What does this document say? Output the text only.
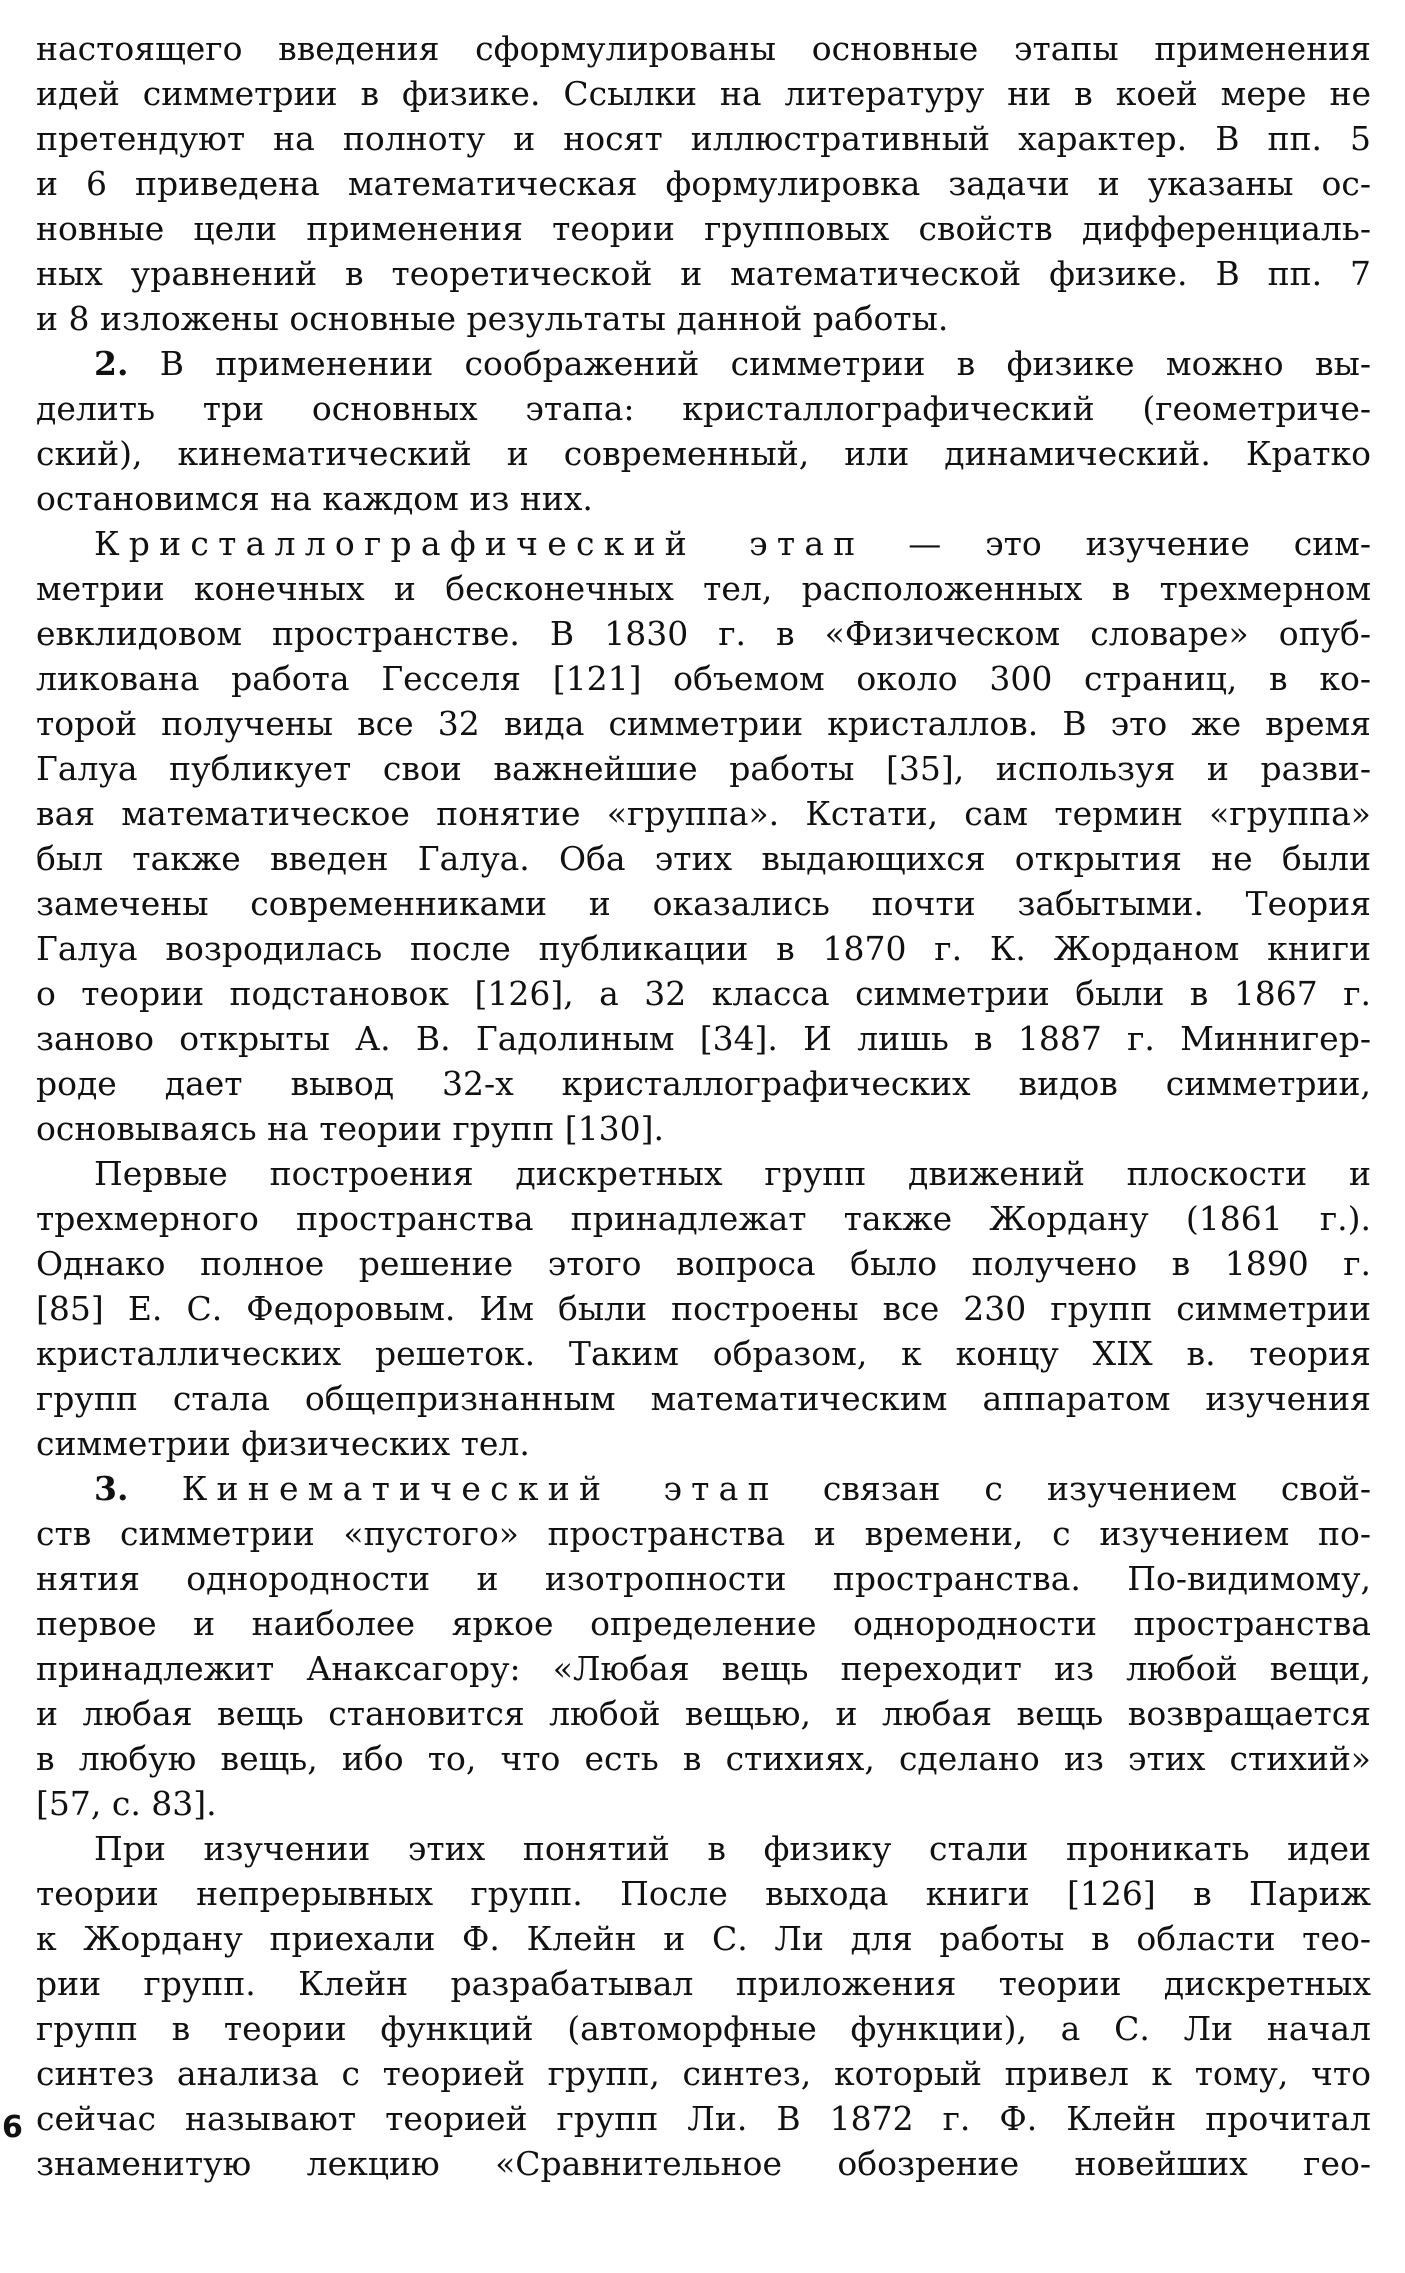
настоящего введения сформулированы основные этапы применения
идей симметрии в физике. Ссылки на литературу ни в коей мере не
претендуют на полноту и носят иллюстративный характер. В пп. 5
и 6 приведена математическая формулировка задачи и указаны ос-
новные цели применения теории групповых свойств дифференциаль-
ных уравнений в теоретической и математической физике. В пп. 7
и 8 изложены основные результаты данной работы.
2. В применении соображений симметрии в физике можно вы-
делить три основных этапа: кристаллографический (геометриче-
ский), кинематический и современный, или динамический. Кратко
остановимся на каждом из них.
Кристаллографический этап — это изучение сим-
метрии конечных и бесконечных тел, расположенных в трехмерном
евклидовом пространстве. В 1830 г. в «Физическом словаре» опуб-
ликована работа Гесселя [121] объемом около 300 страниц, в ко-
торой получены все 32 вида симметрии кристаллов. В это же время
Галуа публикует свои важнейшие работы [35], используя и разви-
вая математическое понятие «группа». Кстати, сам термин «группа»
был также введен Галуа. Оба этих выдающихся открытия не были
замечены современниками и оказались почти забытыми. Теория
Галуа возродилась после публикации в 1870 г. К. Жорданом книги
о теории подстановок [126], а 32 класса симметрии были в 1867 г.
заново открыты А. В. Гадолиным [34]. И лишь в 1887 г. Миннигер-
роде дает вывод 32-х кристаллографических видов симметрии,
основываясь на теории групп [130].
Первые построения дискретных групп движений плоскости и
трехмерного пространства принадлежат также Жордану (1861 г.).
Однако полное решение этого вопроса было получено в 1890 г.
[85] Е. С. Федоровым. Им были построены все 230 групп симметрии
кристаллических решеток. Таким образом, к концу XIX в. теория
групп стала общепризнанным математическим аппаратом изучения
симметрии физических тел.
3. Кинематический этап связан с изучением свой-
ств симметрии «пустого» пространства и времени, с изучением по-
нятия однородности и изотропности пространства. По-видимому,
первое и наиболее яркое определение однородности пространства
принадлежит Анаксагору: «Любая вещь переходит из любой вещи,
и любая вещь становится любой вещью, и любая вещь возвращается
в любую вещь, ибо то, что есть в стихиях, сделано из этих стихий»
[57, с. 83].
При изучении этих понятий в физику стали проникать идеи
теории непрерывных групп. После выхода книги [126] в Париж
к Жордану приехали Ф. Клейн и С. Ли для работы в области тео-
рии групп. Клейн разрабатывал приложения теории дискретных
групп в теории функций (автоморфные функции), а С. Ли начал
синтез анализа с теорией групп, синтез, который привел к тому, что
сейчас называют теорией групп Ли. В 1872 г. Ф. Клейн прочитал
знаменитую лекцию «Сравнительное обозрение новейших гео-
6
